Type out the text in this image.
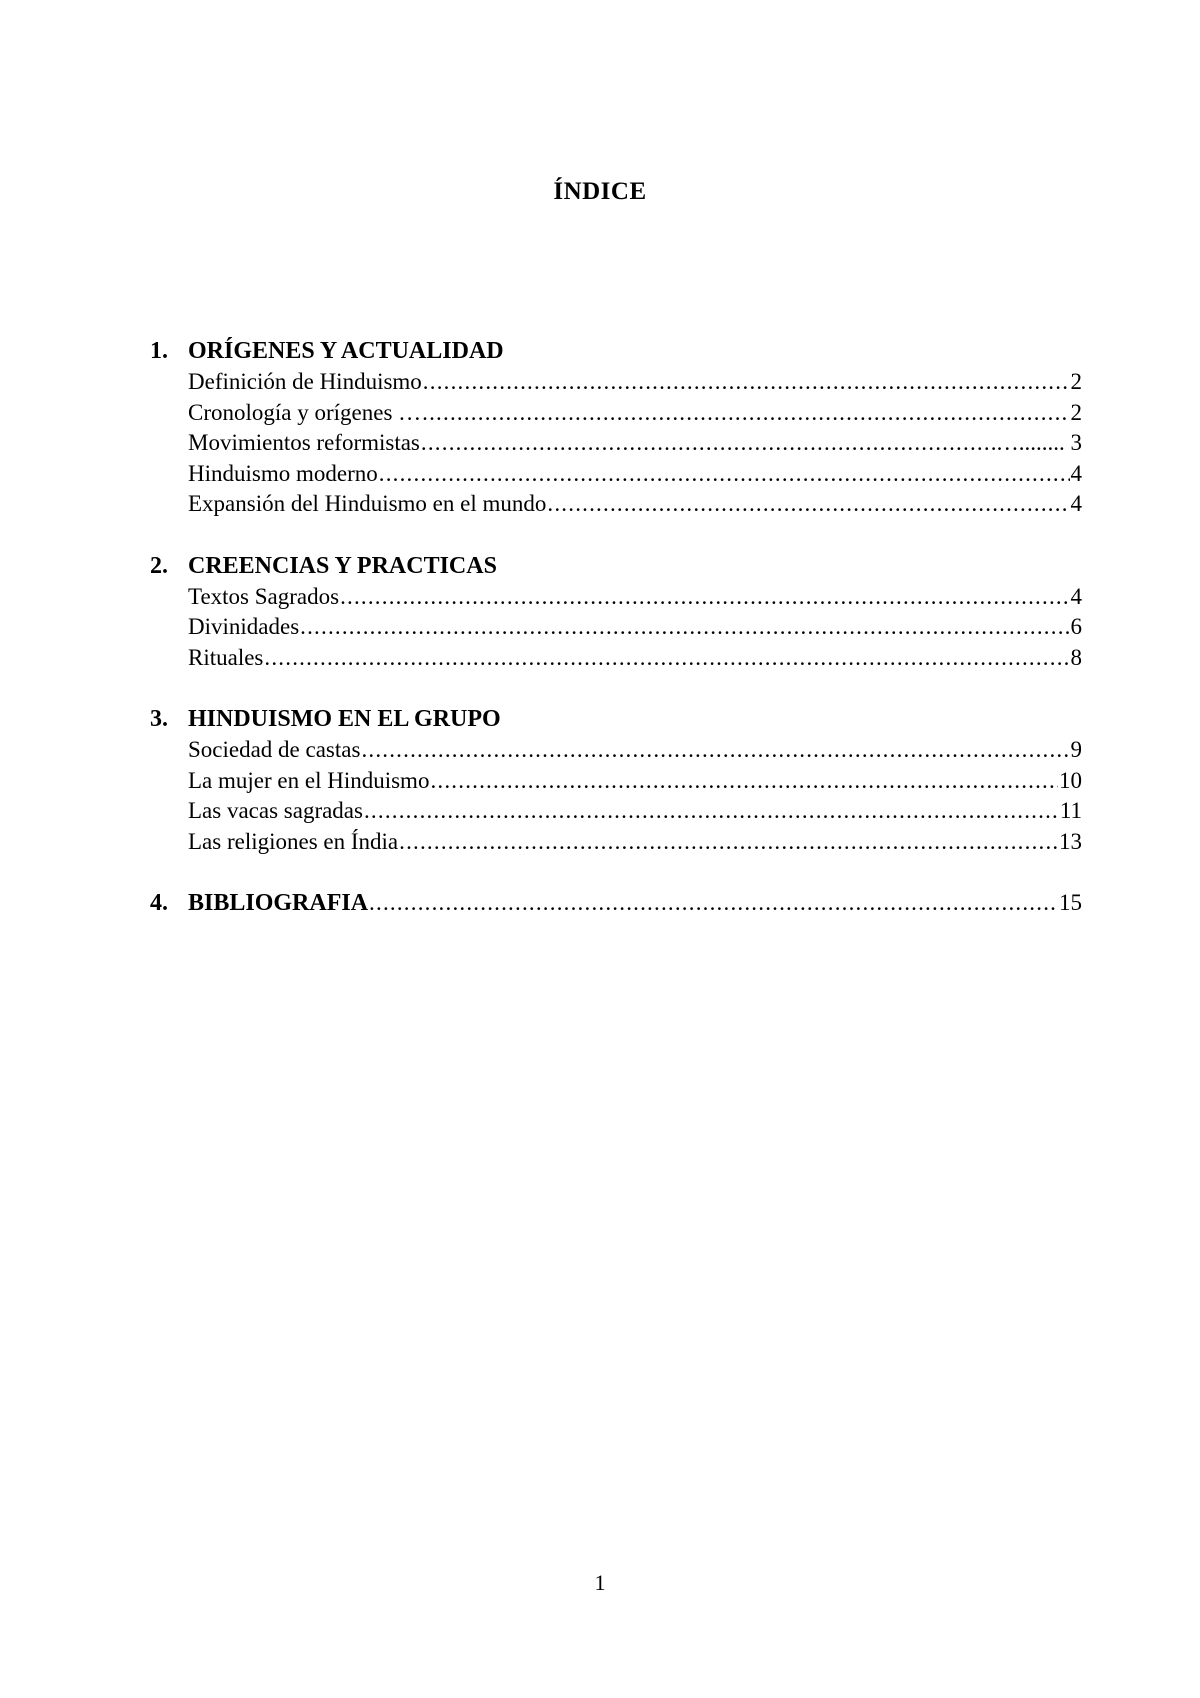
ÍNDICE
1. ORÍGENES Y ACTUALIDAD
Definición de Hinduismo .....	2
Cronología y orígenes … .....	2
Movimientos reformistas .....	…........ 3
Hinduismo moderno .....	4
Expansión del Hinduismo en el mundo .....	4
2. CREENCIAS Y PRACTICAS
Textos Sagrados .....	4
Divinidades .....	6
Rituales .....	8
3. HINDUISMO EN EL GRUPO
Sociedad de castas .....	9
La mujer en el Hinduismo .....	10
Las vacas sagradas .....	11
Las religiones en Índia .....	13
4. BIBLIOGRAFIA .....	15
1
